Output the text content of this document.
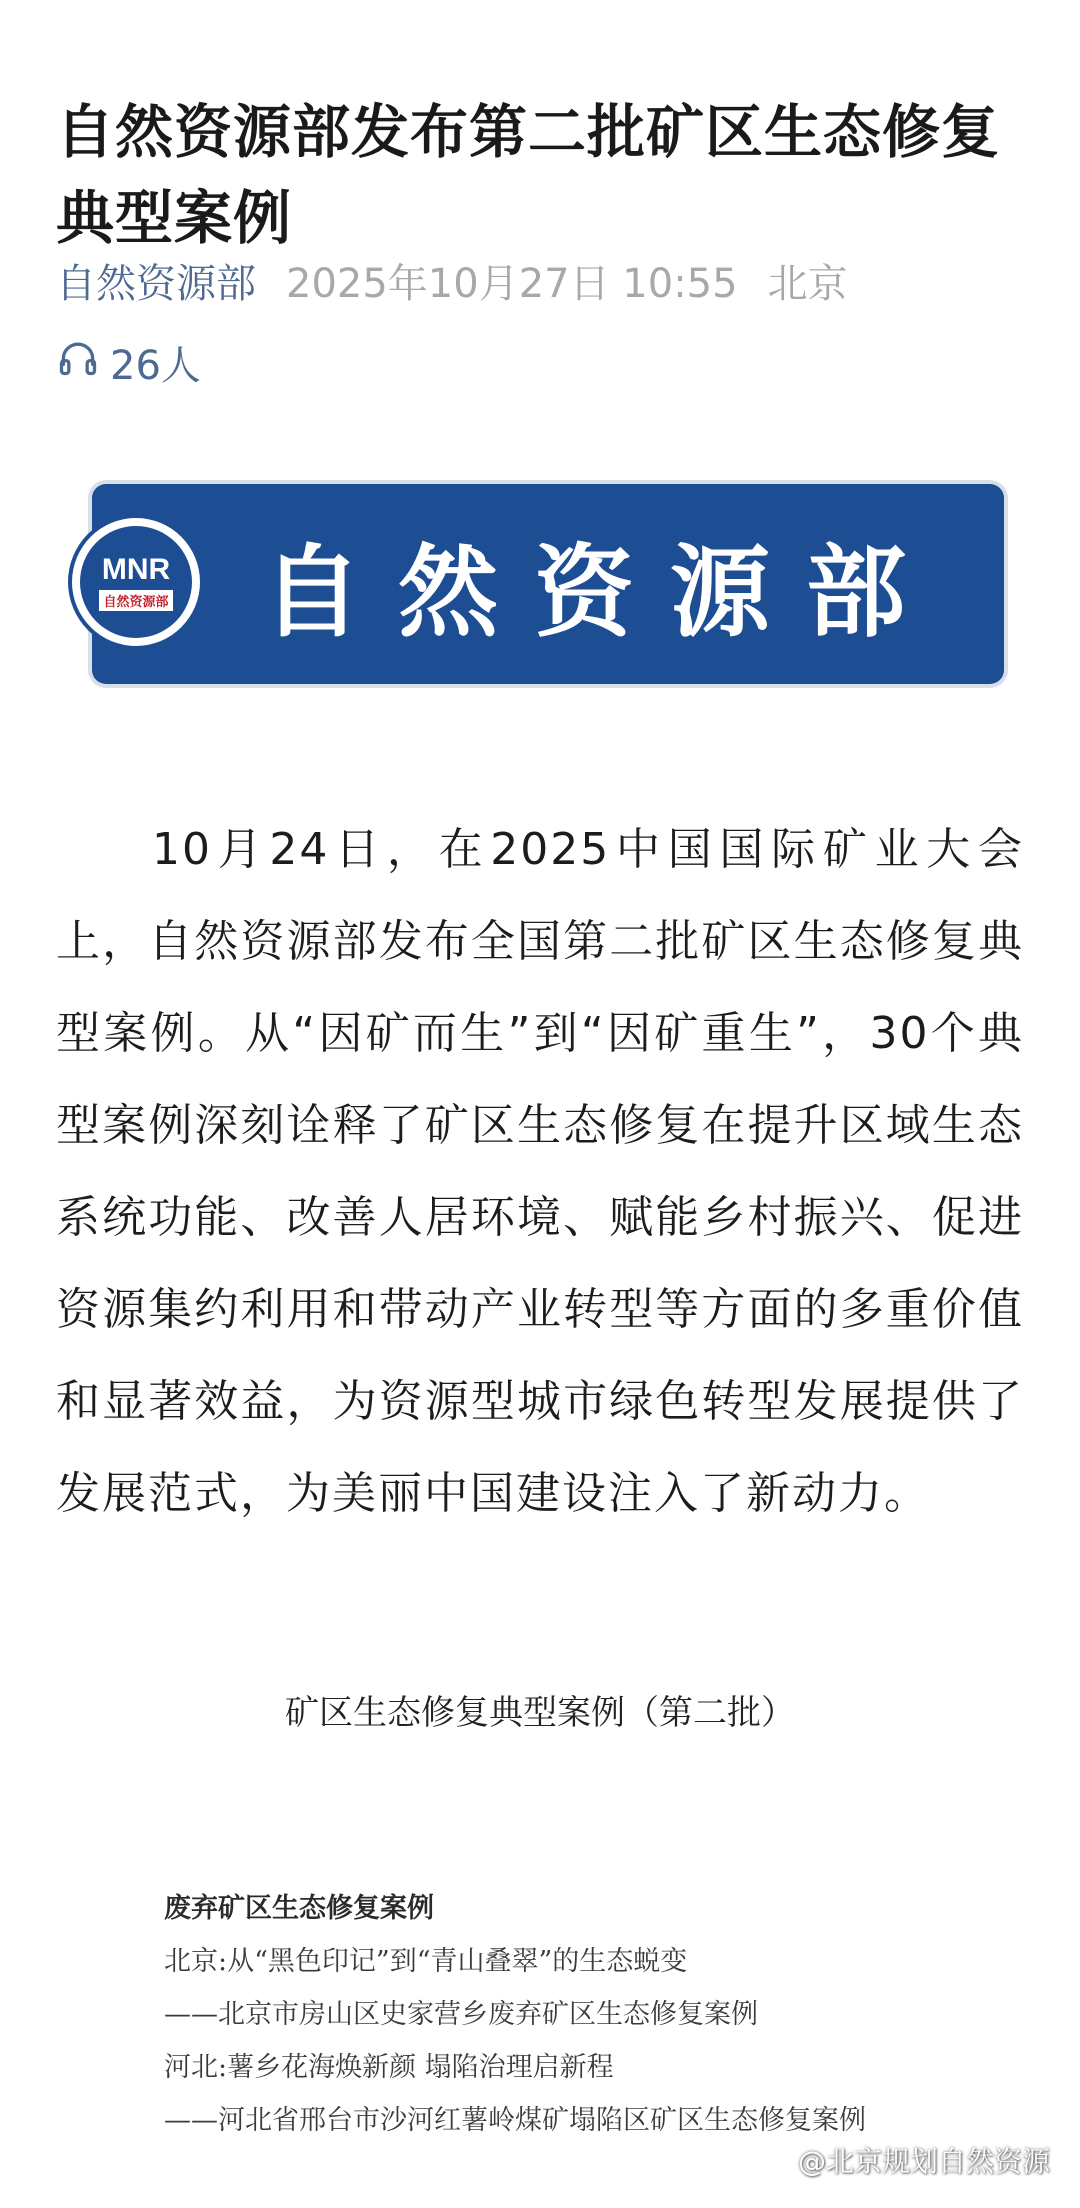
自然资源部发布第二批矿区生态修复典型案例
自然资源部 2025年10月27日 10:55 北京
26人
MNR
自然资源部 自然资源部

10月24日，在2025中国国际矿业大会上，自然资源部发布全国第二批矿区生态修复典型案例。从“因矿而生”到“因矿重生”，30个典型案例深刻诠释了矿区生态修复在提升区域生态系统功能、改善人居环境、赋能乡村振兴、促进资源集约利用和带动产业转型等方面的多重价值和显著效益，为资源型城市绿色转型发展提供了发展范式，为美丽中国建设注入了新动力。

矿区生态修复典型案例（第二批）
废弃矿区生态修复案例
北京:从“黑色印记”到“青山叠翠”的生态蜕变
——北京市房山区史家营乡废弃矿区生态修复案例
河北:薯乡花海焕新颜 塌陷治理启新程
——河北省邢台市沙河红薯岭煤矿塌陷区矿区生态修复案例
@北京规划自然资源
